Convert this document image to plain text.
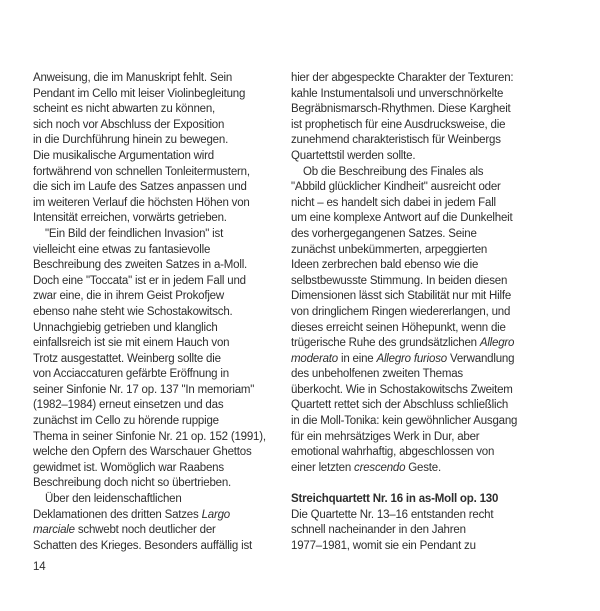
Anweisung, die im Manuskript fehlt. Sein
Pendant im Cello mit leiser Violinbegleitung
scheint es nicht abwarten zu können,
sich noch vor Abschluss der Exposition
in die Durchführung hinein zu bewegen.
Die musikalische Argumentation wird
fortwährend von schnellen Tonleitermustern,
die sich im Laufe des Satzes anpassen und
im weiteren Verlauf die höchsten Höhen von
Intensität erreichen, vorwärts getrieben.
"Ein Bild der feindlichen Invasion" ist
vielleicht eine etwas zu fantasievolle
Beschreibung des zweiten Satzes in a-Moll.
Doch eine "Toccata" ist er in jedem Fall und
zwar eine, die in ihrem Geist Prokofjew
ebenso nahe steht wie Schostakowitsch.
Unnachgiebig getrieben und klanglich
einfallsreich ist sie mit einem Hauch von
Trotz ausgestattet. Weinberg sollte die
von Acciaccaturen gefärbte Eröffnung in
seiner Sinfonie Nr. 17 op. 137 "In memoriam"
(1982–1984) erneut einsetzen und das
zunächst im Cello zu hörende ruppige
Thema in seiner Sinfonie Nr. 21 op. 152 (1991),
welche den Opfern des Warschauer Ghettos
gewidmet ist. Womöglich war Raabens
Beschreibung doch nicht so übertrieben.
Über den leidenschaftlichen
Deklamationen des dritten Satzes Largo
marciale schwebt noch deutlicher der
Schatten des Krieges. Besonders auffällig ist
hier der abgespeckte Charakter der Texturen:
kahle Instumentalsoli und unverschnörkelte
Begräbnismarsch-Rhythmen. Diese Kargheit
ist prophetisch für eine Ausdrucksweise, die
zunehmend charakteristisch für Weinbergs
Quartettstil werden sollte.
Ob die Beschreibung des Finales als
"Abbild glücklicher Kindheit" ausreicht oder
nicht – es handelt sich dabei in jedem Fall
um eine komplexe Antwort auf die Dunkelheit
des vorhergegangenen Satzes. Seine
zunächst unbekümmerten, arpeggierten
Ideen zerbrechen bald ebenso wie die
selbstbewusste Stimmung. In beiden diesen
Dimensionen lässt sich Stabilität nur mit Hilfe
von dringlichem Ringen wiedererlangen, und
dieses erreicht seinen Höhepunkt, wenn die
trügerische Ruhe des grundsätzlichen Allegro
moderato in eine Allegro furioso Verwandlung
des unbeholfenen zweiten Themas
überkocht. Wie in Schostakowitschs Zweitem
Quartett rettet sich der Abschluss schließlich
in die Moll-Tonika: kein gewöhnlicher Ausgang
für ein mehrsätziges Werk in Dur, aber
emotional wahrhaftig, abgeschlossen von
einer letzten crescendo Geste.

Streichquartett Nr. 16 in as-Moll op. 130
Die Quartette Nr. 13–16 entstanden recht
schnell nacheinander in den Jahren
1977–1981, womit sie ein Pendant zu
14
